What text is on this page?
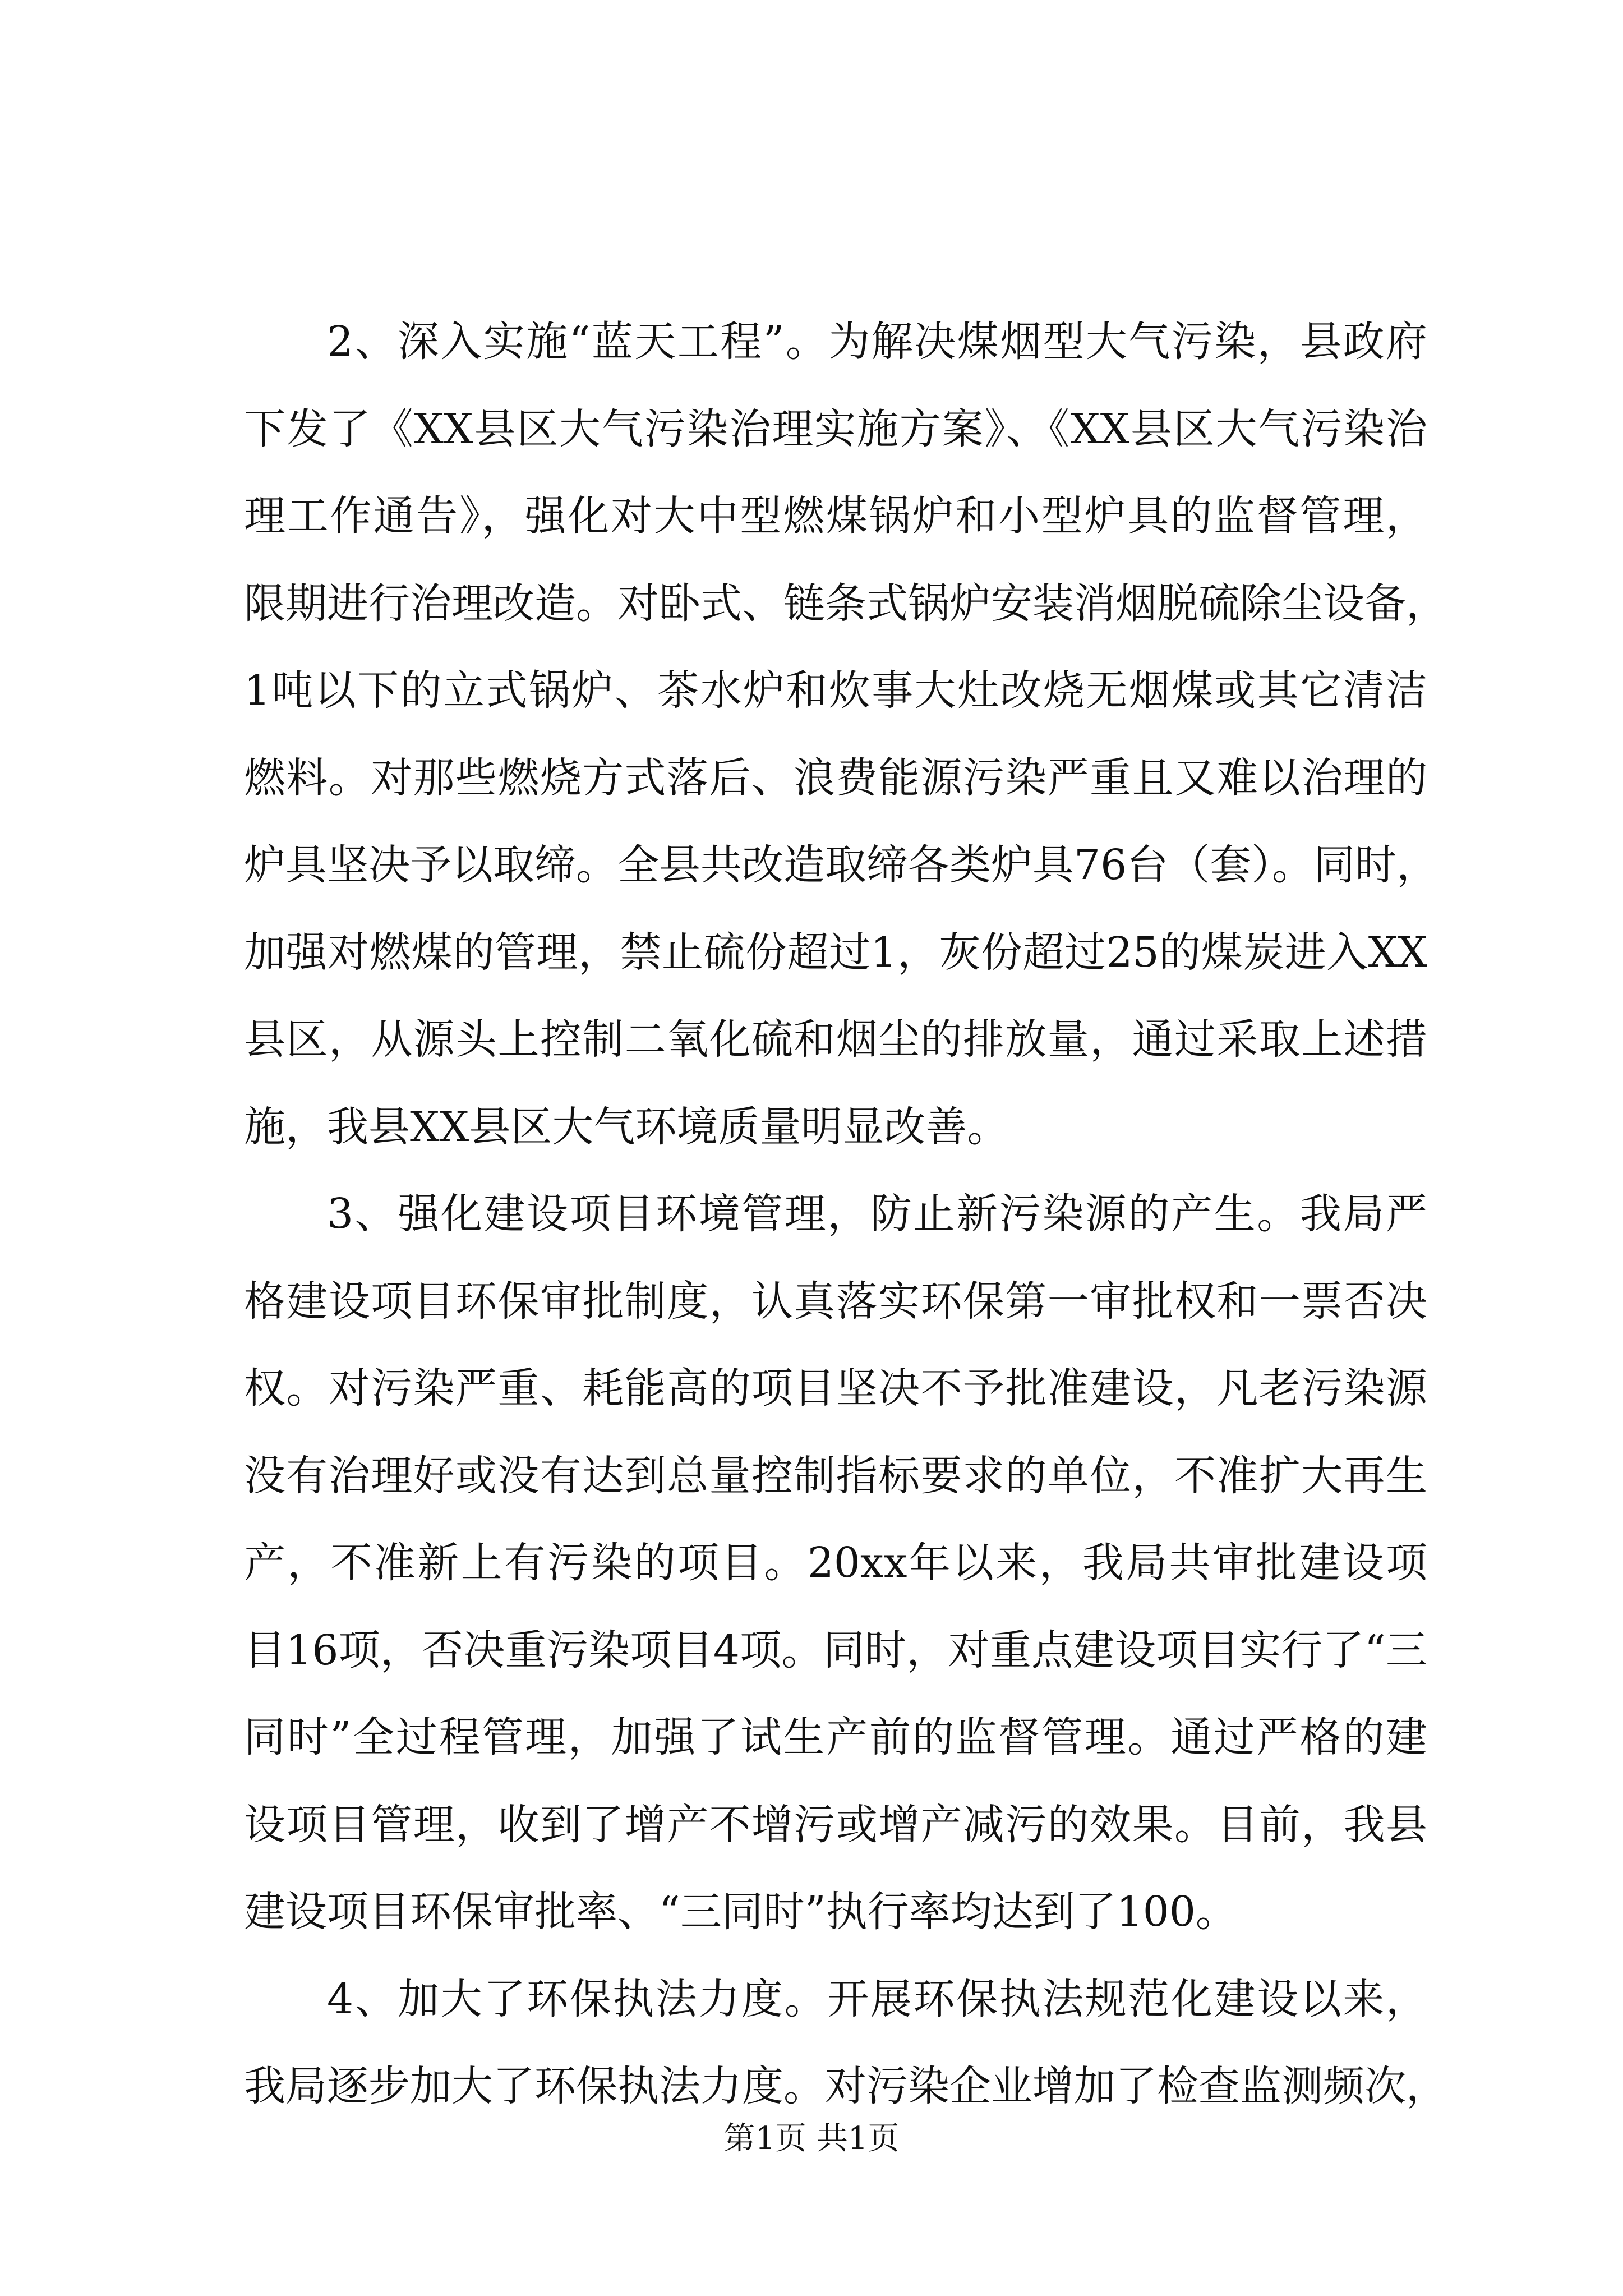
2、深入实施“蓝天工程”。为解决煤烟型大气污染，县政府
下发了《XX县区大气污染治理实施方案》、《XX县区大气污染治
理工作通告》，强化对大中型燃煤锅炉和小型炉具的监督管理，
限期进行治理改造。对卧式、链条式锅炉安装消烟脱硫除尘设备，
1吨以下的立式锅炉、茶水炉和炊事大灶改烧无烟煤或其它清洁
燃料。对那些燃烧方式落后、浪费能源污染严重且又难以治理的
炉具坚决予以取缔。全县共改造取缔各类炉具76台（套）。同时，
加强对燃煤的管理，禁止硫份超过1，灰份超过25的煤炭进入XX
县区，从源头上控制二氧化硫和烟尘的排放量，通过采取上述措
施，我县XX县区大气环境质量明显改善。
3、强化建设项目环境管理，防止新污染源的产生。我局严
格建设项目环保审批制度，认真落实环保第一审批权和一票否决
权。对污染严重、耗能高的项目坚决不予批准建设，凡老污染源
没有治理好或没有达到总量控制指标要求的单位，不准扩大再生
产，不准新上有污染的项目。20xx年以来，我局共审批建设项
目16项，否决重污染项目4项。同时，对重点建设项目实行了“三
同时”全过程管理，加强了试生产前的监督管理。通过严格的建
设项目管理，收到了增产不增污或增产减污的效果。目前，我县
建设项目环保审批率、“三同时”执行率均达到了100。
4、加大了环保执法力度。开展环保执法规范化建设以来，
我局逐步加大了环保执法力度。对污染企业增加了检查监测频次，
第1页 共1页
